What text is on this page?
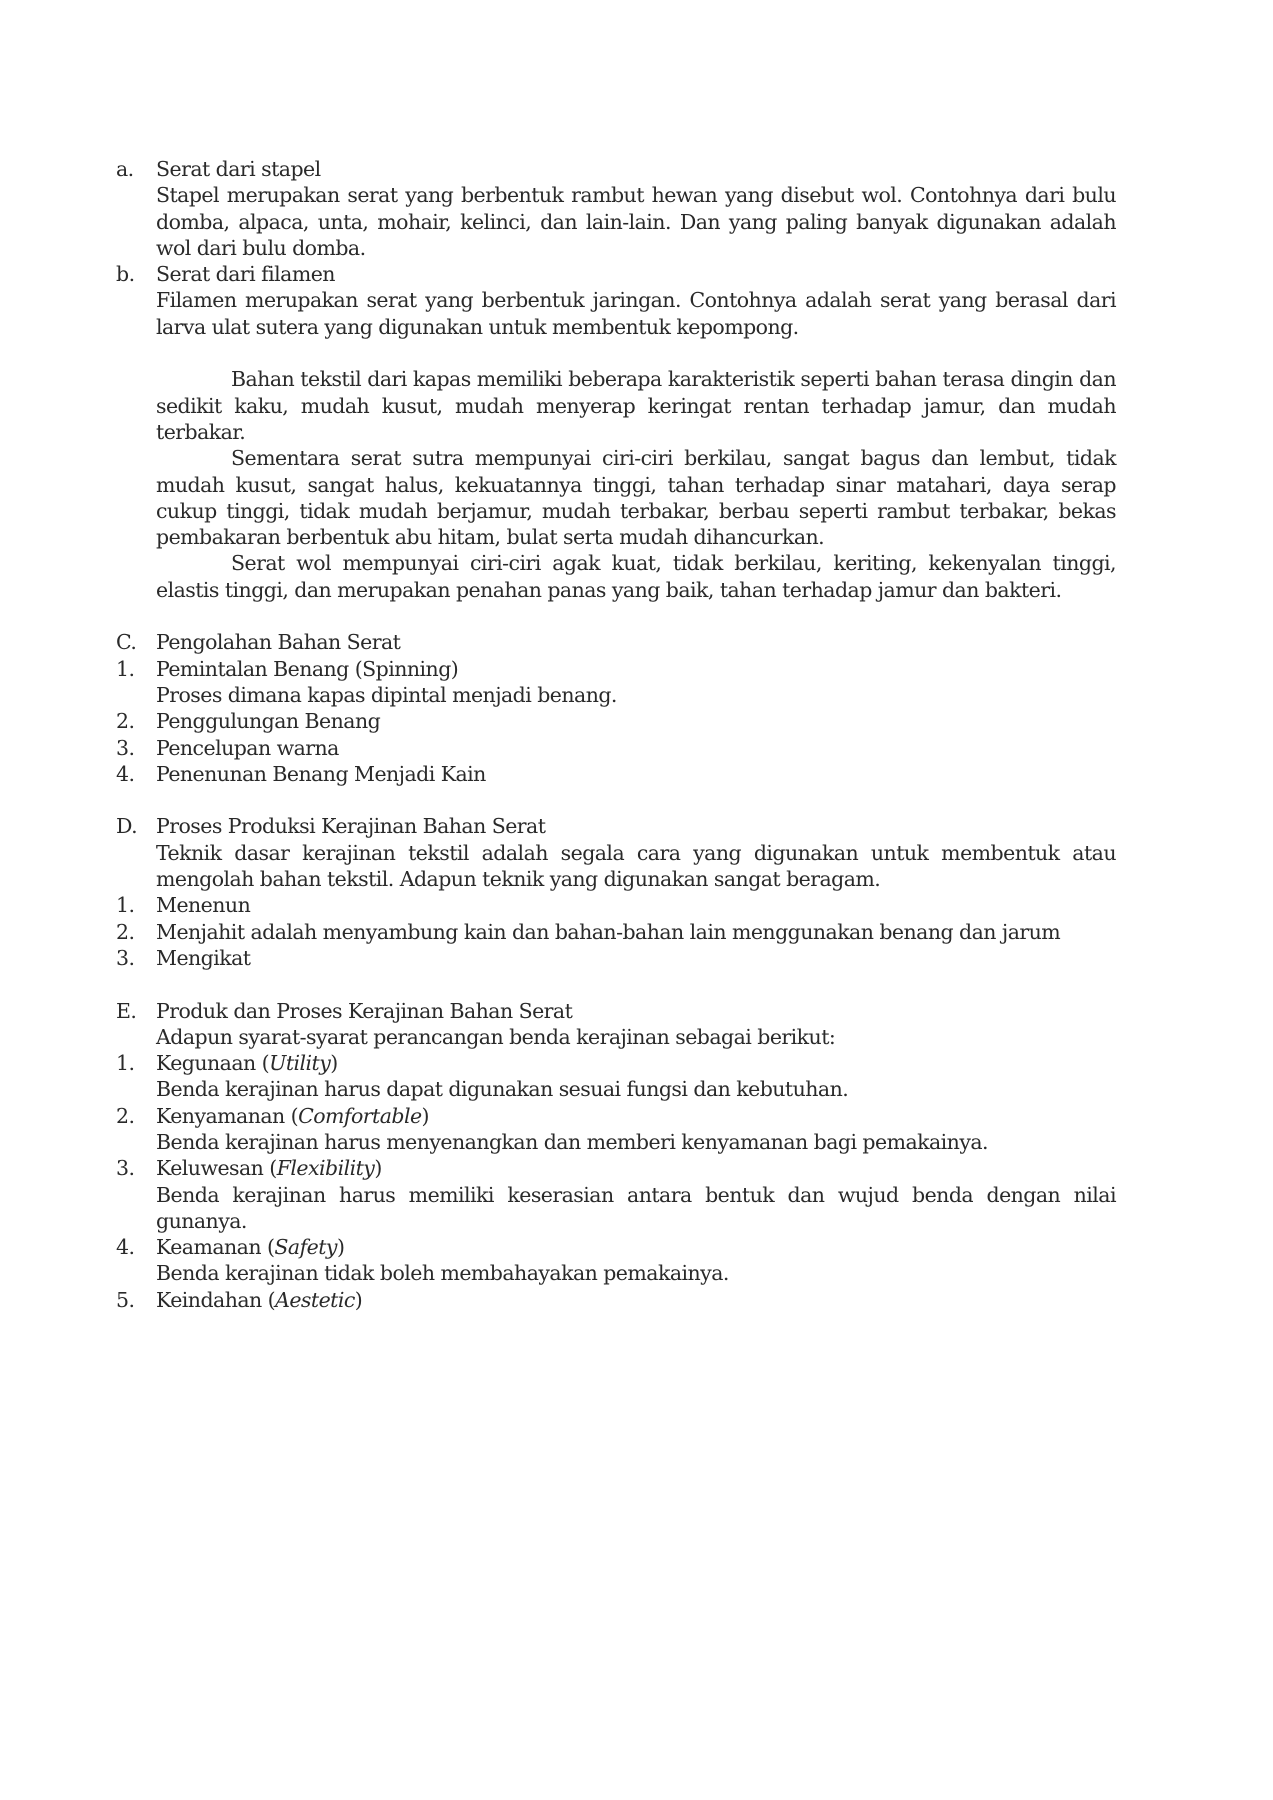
a.	Serat dari stapel
Stapel merupakan serat yang berbentuk rambut hewan yang disebut wol. Contohnya dari bulu domba, alpaca, unta, mohair, kelinci, dan lain-lain. Dan yang paling banyak digunakan adalah wol dari bulu domba.
b.	Serat dari filamen
Filamen merupakan serat yang berbentuk jaringan. Contohnya adalah serat yang berasal dari larva ulat sutera yang digunakan untuk membentuk kepompong.

Bahan tekstil dari kapas memiliki beberapa karakteristik seperti bahan terasa dingin dan sedikit kaku, mudah kusut, mudah menyerap keringat rentan terhadap jamur, dan mudah terbakar.

Sementara serat sutra mempunyai ciri-ciri berkilau, sangat bagus dan lembut, tidak mudah kusut, sangat halus, kekuatannya tinggi, tahan terhadap sinar matahari, daya serap cukup tinggi, tidak mudah berjamur, mudah terbakar, berbau seperti rambut terbakar, bekas pembakaran berbentuk abu hitam, bulat serta mudah dihancurkan.

Serat wol mempunyai ciri-ciri agak kuat, tidak berkilau, keriting, kekenyalan tinggi, elastis tinggi, dan merupakan penahan panas yang baik, tahan terhadap jamur dan bakteri.

C. Pengolahan Bahan Serat
1.	Pemintalan Benang (Spinning)
Proses dimana kapas dipintal menjadi benang.
2.	Penggulungan Benang
3.	Pencelupan warna
4.	Penenunan Benang Menjadi Kain
D. Proses Produksi Kerajinan Bahan Serat
Teknik dasar kerajinan tekstil adalah segala cara yang digunakan untuk membentuk atau mengolah bahan tekstil. Adapun teknik yang digunakan sangat beragam.
1.	Menenun
2.	Menjahit adalah menyambung kain dan bahan-bahan lain menggunakan benang dan jarum
3.	Mengikat
E. Produk dan Proses Kerajinan Bahan Serat
Adapun syarat-syarat perancangan benda kerajinan sebagai berikut:
1.	Kegunaan (Utility)
Benda kerajinan harus dapat digunakan sesuai fungsi dan kebutuhan.
2.	Kenyamanan (Comfortable)
Benda kerajinan harus menyenangkan dan memberi kenyamanan bagi pemakainya.
3.	Keluwesan (Flexibility)
Benda kerajinan harus memiliki keserasian antara bentuk dan wujud benda dengan nilai gunanya.
4.	Keamanan (Safety)
Benda kerajinan tidak boleh membahayakan pemakainya.
5.	Keindahan (Aestetic)
